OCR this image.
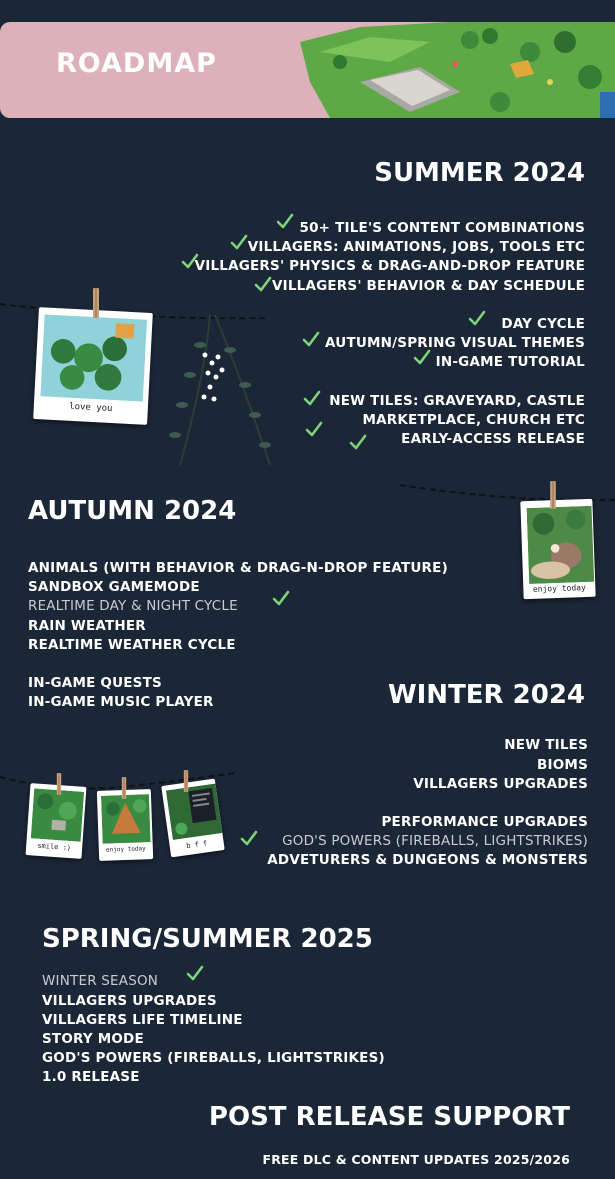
ROADMAP
SUMMER 2024
50+ TILE'S CONTENT COMBINATIONS
VILLAGERS: ANIMATIONS, JOBS, TOOLS ETC
VILLAGERS' PHYSICS & DRAG-AND-DROP FEATURE
VILLAGERS' BEHAVIOR & DAY SCHEDULE
DAY CYCLE
AUTUMN/SPRING VISUAL THEMES
IN-GAME TUTORIAL
NEW TILES: GRAVEYARD, CASTLE
MARKETPLACE, CHURCH ETC
EARLY-ACCESS RELEASE
love you
AUTUMN 2024
ANIMALS (WITH BEHAVIOR & DRAG-N-DROP FEATURE)
SANDBOX GAMEMODE
REALTIME DAY & NIGHT CYCLE
RAIN WEATHER
REALTIME WEATHER CYCLE
IN-GAME QUESTS
IN-GAME MUSIC PLAYER
enjoy today
WINTER 2024
NEW TILES
BIOMS
VILLAGERS UPGRADES
PERFORMANCE UPGRADES
GOD'S POWERS (FIREBALLS, LIGHTSTRIKES)
ADVETURERS & DUNGEONS & MONSTERS
smile :)	enjoy today	b f f
SPRING/SUMMER 2025
WINTER SEASON
VILLAGERS UPGRADES
VILLAGERS LIFE TIMELINE
STORY MODE
GOD'S POWERS (FIREBALLS, LIGHTSTRIKES)
1.0 RELEASE
POST RELEASE SUPPORT
FREE DLC & CONTENT UPDATES 2025/2026
